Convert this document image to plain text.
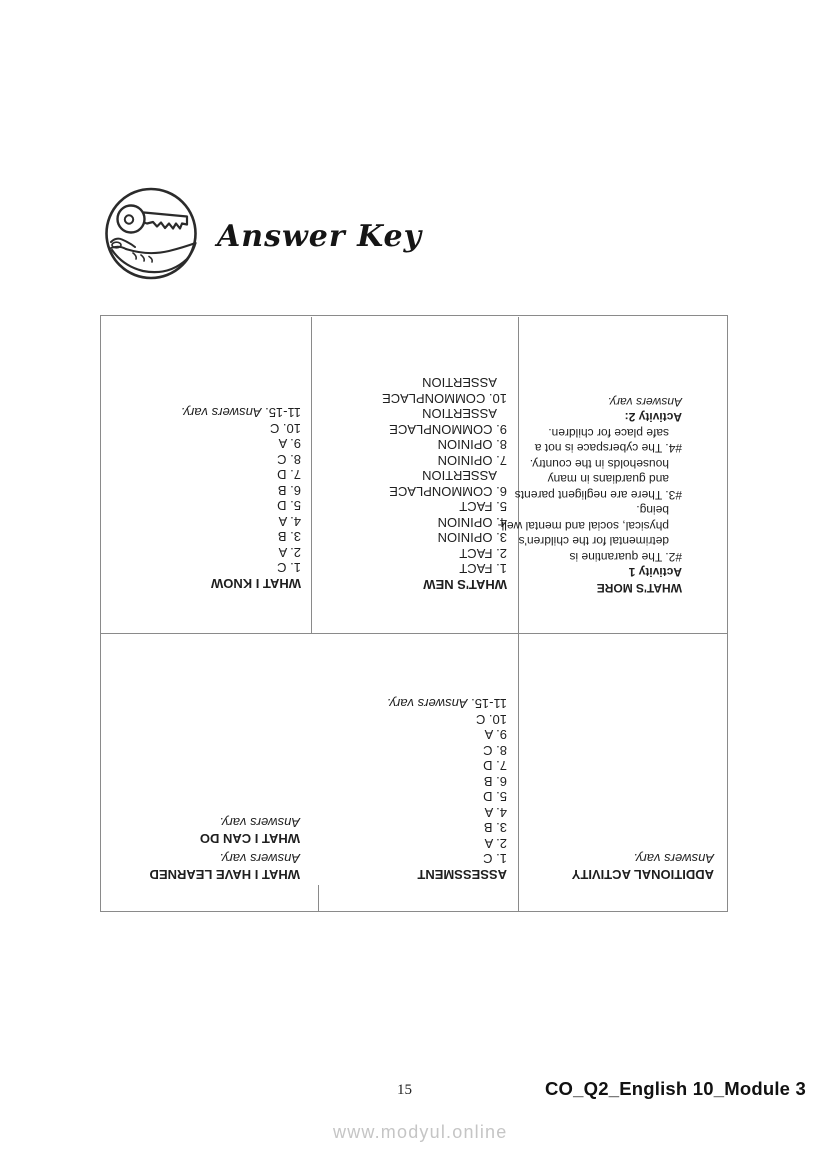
Answer Key
ADDITIONAL ACTIVITY
Answers vary.
ASSESSMENT
1. C
2. A
3. B
4. A
5. D
6. B
7. D
8. C
9. A
10. C
11-15. Answers vary.
WHAT I HAVE LEARNED
Answers vary.
WHAT I CAN DO
Answers vary.
WHAT'S MORE
Activity 1
#2. The quarantine is
detrimental for the children's
physical, social and mental well-
being.
#3. There are negligent parents
and guardians in many
households in the country.
#4. The cyberspace is not a
safe place for children.
Activity 2:
Answers vary.
WHAT'S NEW
1. FACT
2. FACT
3. OPINION
4. OPINION
5. FACT
6. COMMONPLACE
ASSERTION
7. OPINION
8. OPINION
9. COMMONPLACE
ASSERTION
10. COMMONPLACE
ASSERTION
WHAT I KNOW
1. C
2. A
3. B
4. A
5. D
6. B
7. D
8. C
9. A
10. C
11-15. Answers vary.
15	CO_Q2_English 10_Module 3
www.modyul.online
